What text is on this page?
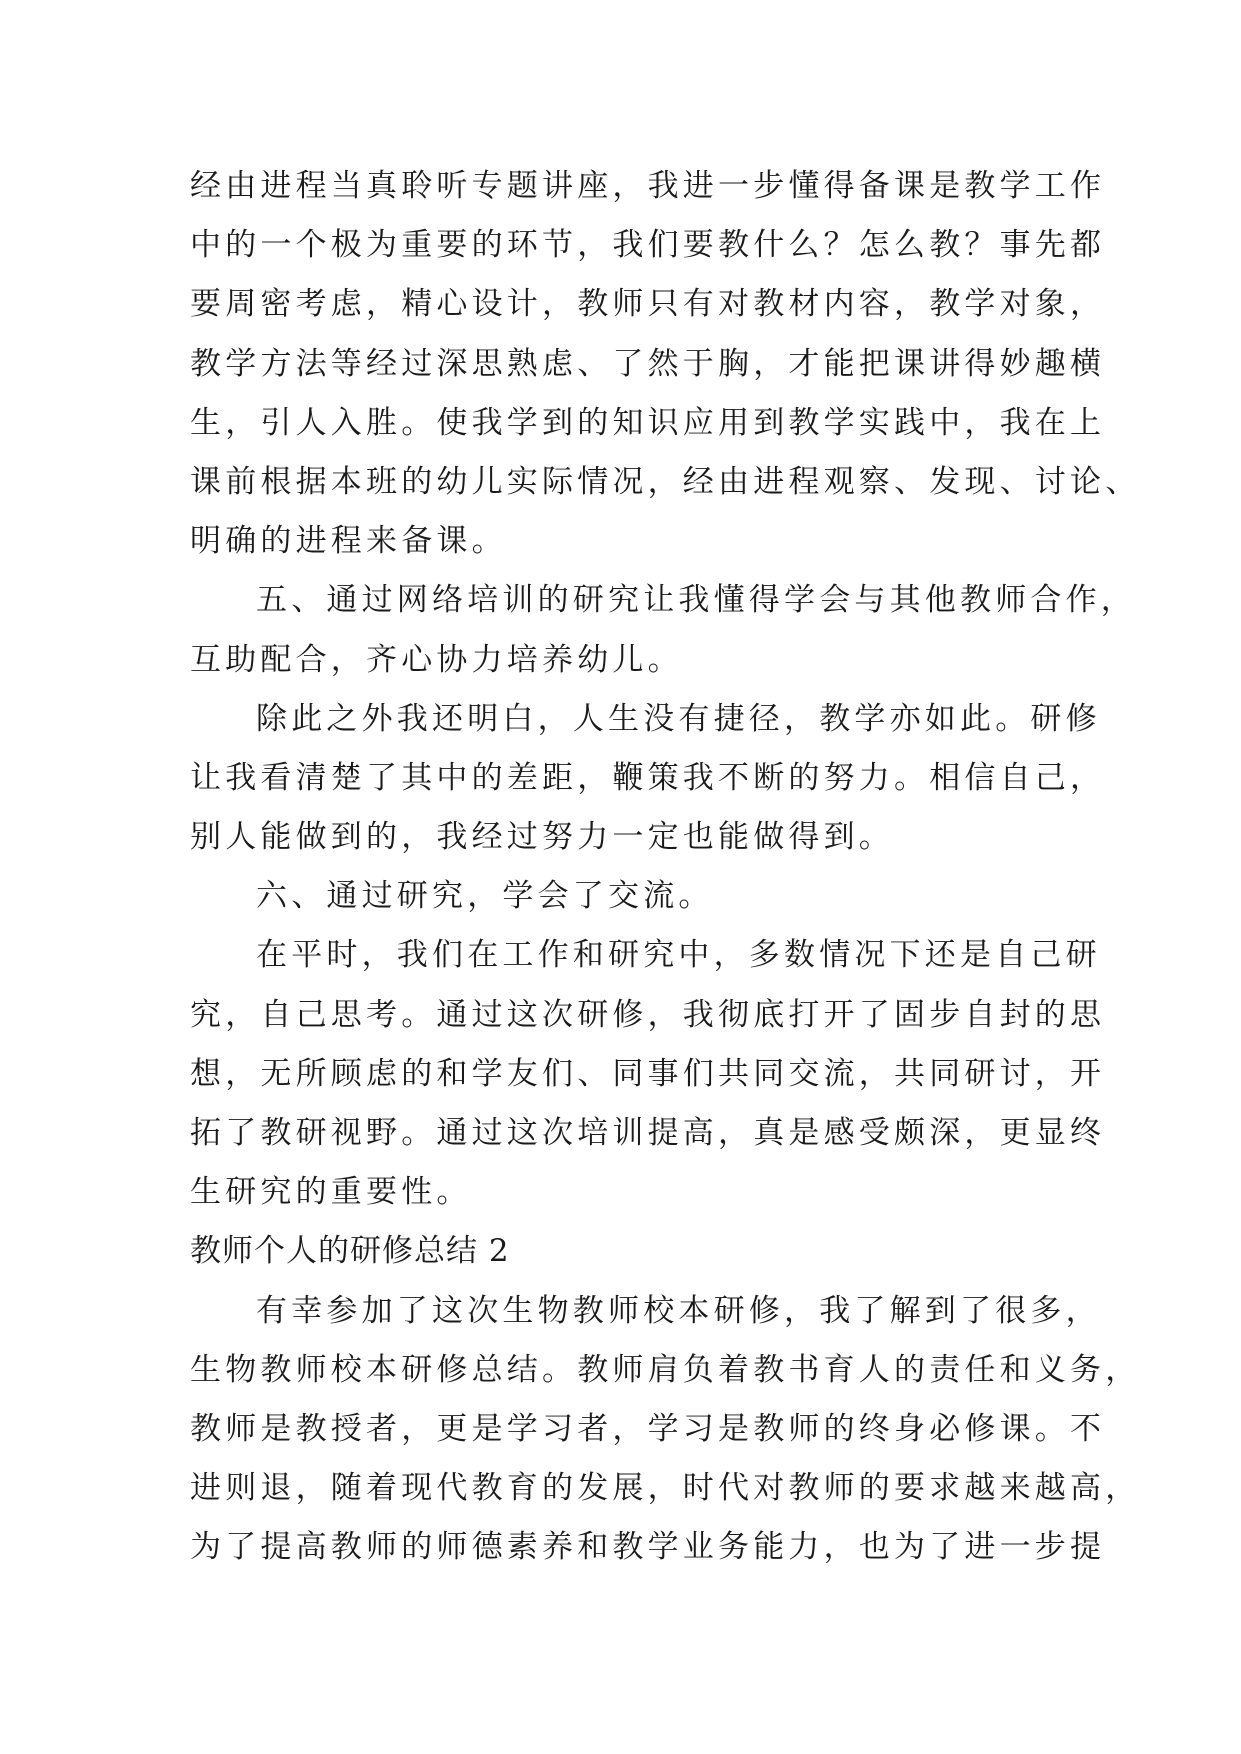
经由进程当真聆听专题讲座，我进一步懂得备课是教学工作
中的一个极为重要的环节，我们要教什么？怎么教？事先都
要周密考虑，精心设计，教师只有对教材内容，教学对象，
教学方法等经过深思熟虑、了然于胸，才能把课讲得妙趣横
生，引人入胜。使我学到的知识应用到教学实践中，我在上
课前根据本班的幼儿实际情况，经由进程观察、发现、讨论、
明确的进程来备课。
五、通过网络培训的研究让我懂得学会与其他教师合作，
互助配合，齐心协力培养幼儿。
除此之外我还明白，人生没有捷径，教学亦如此。研修
让我看清楚了其中的差距，鞭策我不断的努力。相信自己，
别人能做到的，我经过努力一定也能做得到。
六、通过研究，学会了交流。
在平时，我们在工作和研究中，多数情况下还是自己研
究，自己思考。通过这次研修，我彻底打开了固步自封的思
想，无所顾虑的和学友们、同事们共同交流，共同研讨，开
拓了教研视野。通过这次培训提高，真是感受颇深，更显终
生研究的重要性。
教师个人的研修总结 2
有幸参加了这次生物教师校本研修，我了解到了很多，
生物教师校本研修总结。教师肩负着教书育人的责任和义务，
教师是教授者，更是学习者，学习是教师的终身必修课。不
进则退，随着现代教育的发展，时代对教师的要求越来越高，
为了提高教师的师德素养和教学业务能力，也为了进一步提
